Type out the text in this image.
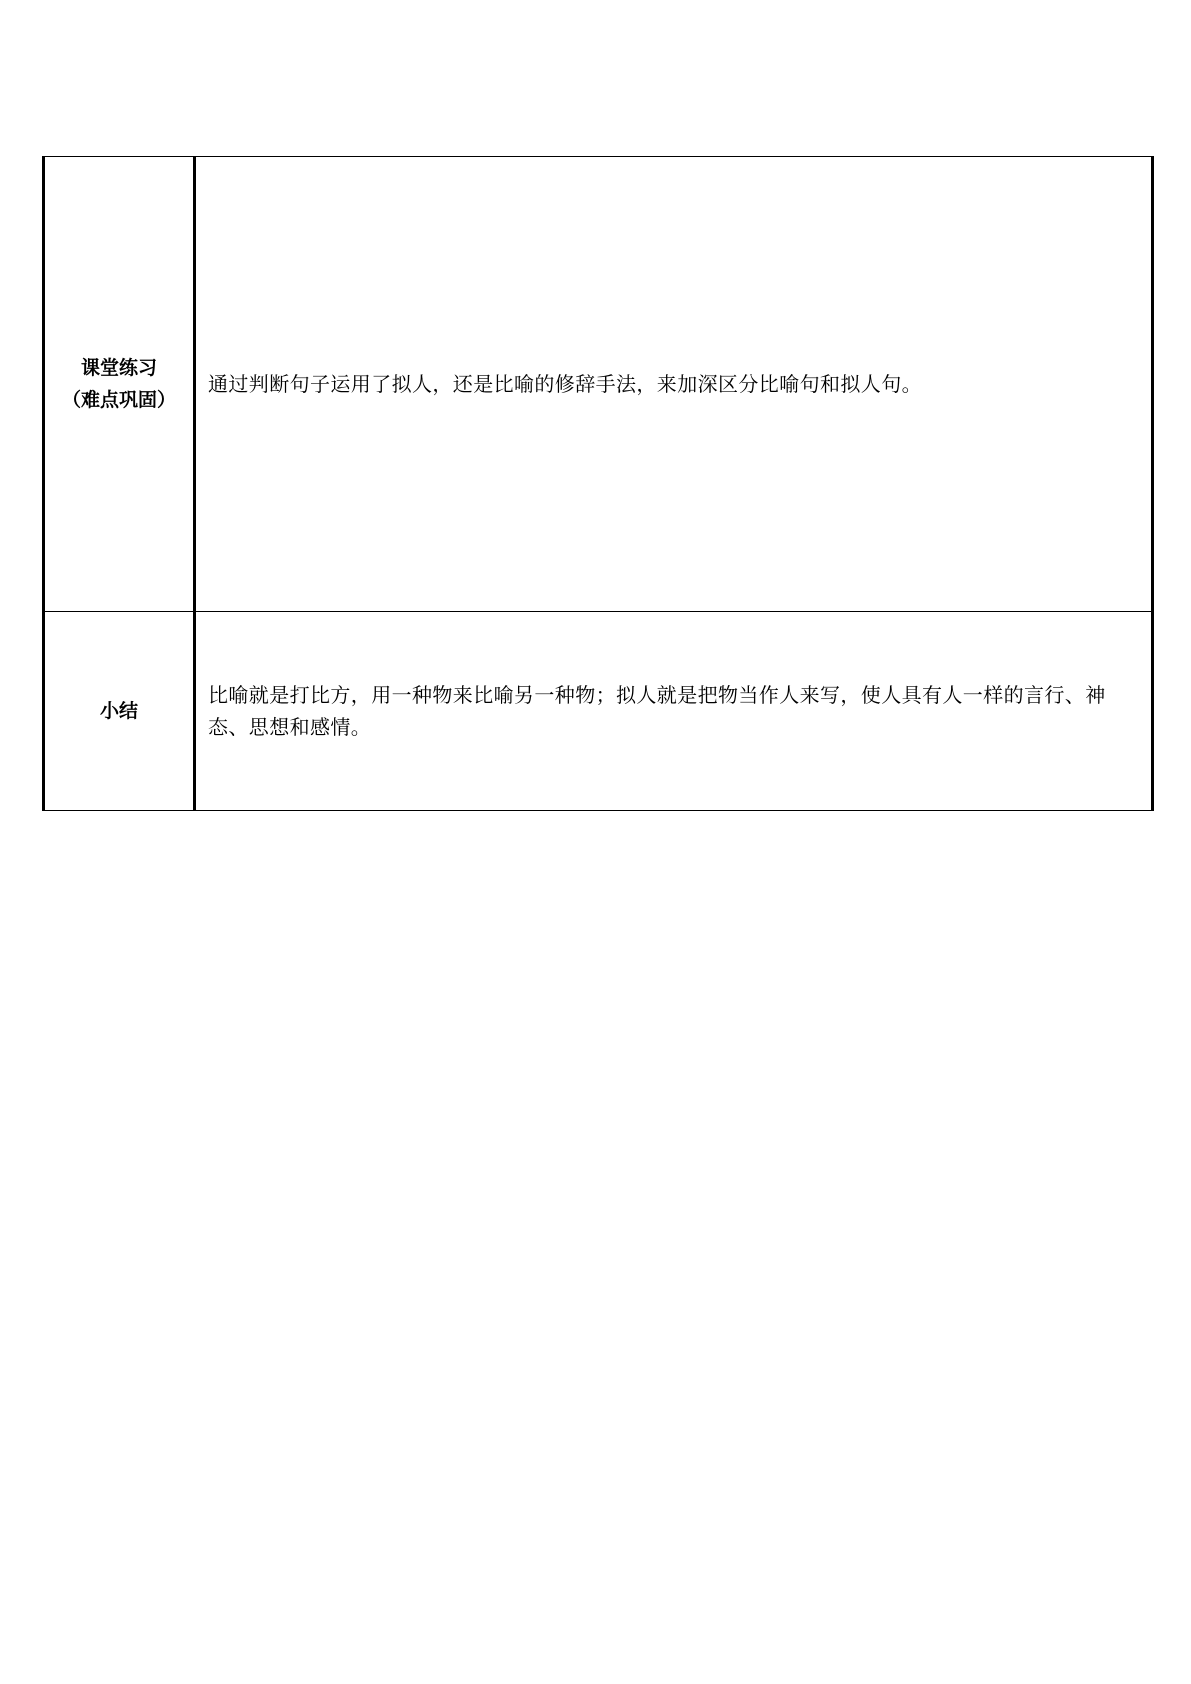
课堂练习
（难点巩固）	通过判断句子运用了拟人，还是比喻的修辞手法，来加深区分比喻句和拟人句。

小结	比喻就是打比方，用一种物来比喻另一种物；拟人就是把物当作人来写，使人具有人一样的言行、神态、思想和感情。
